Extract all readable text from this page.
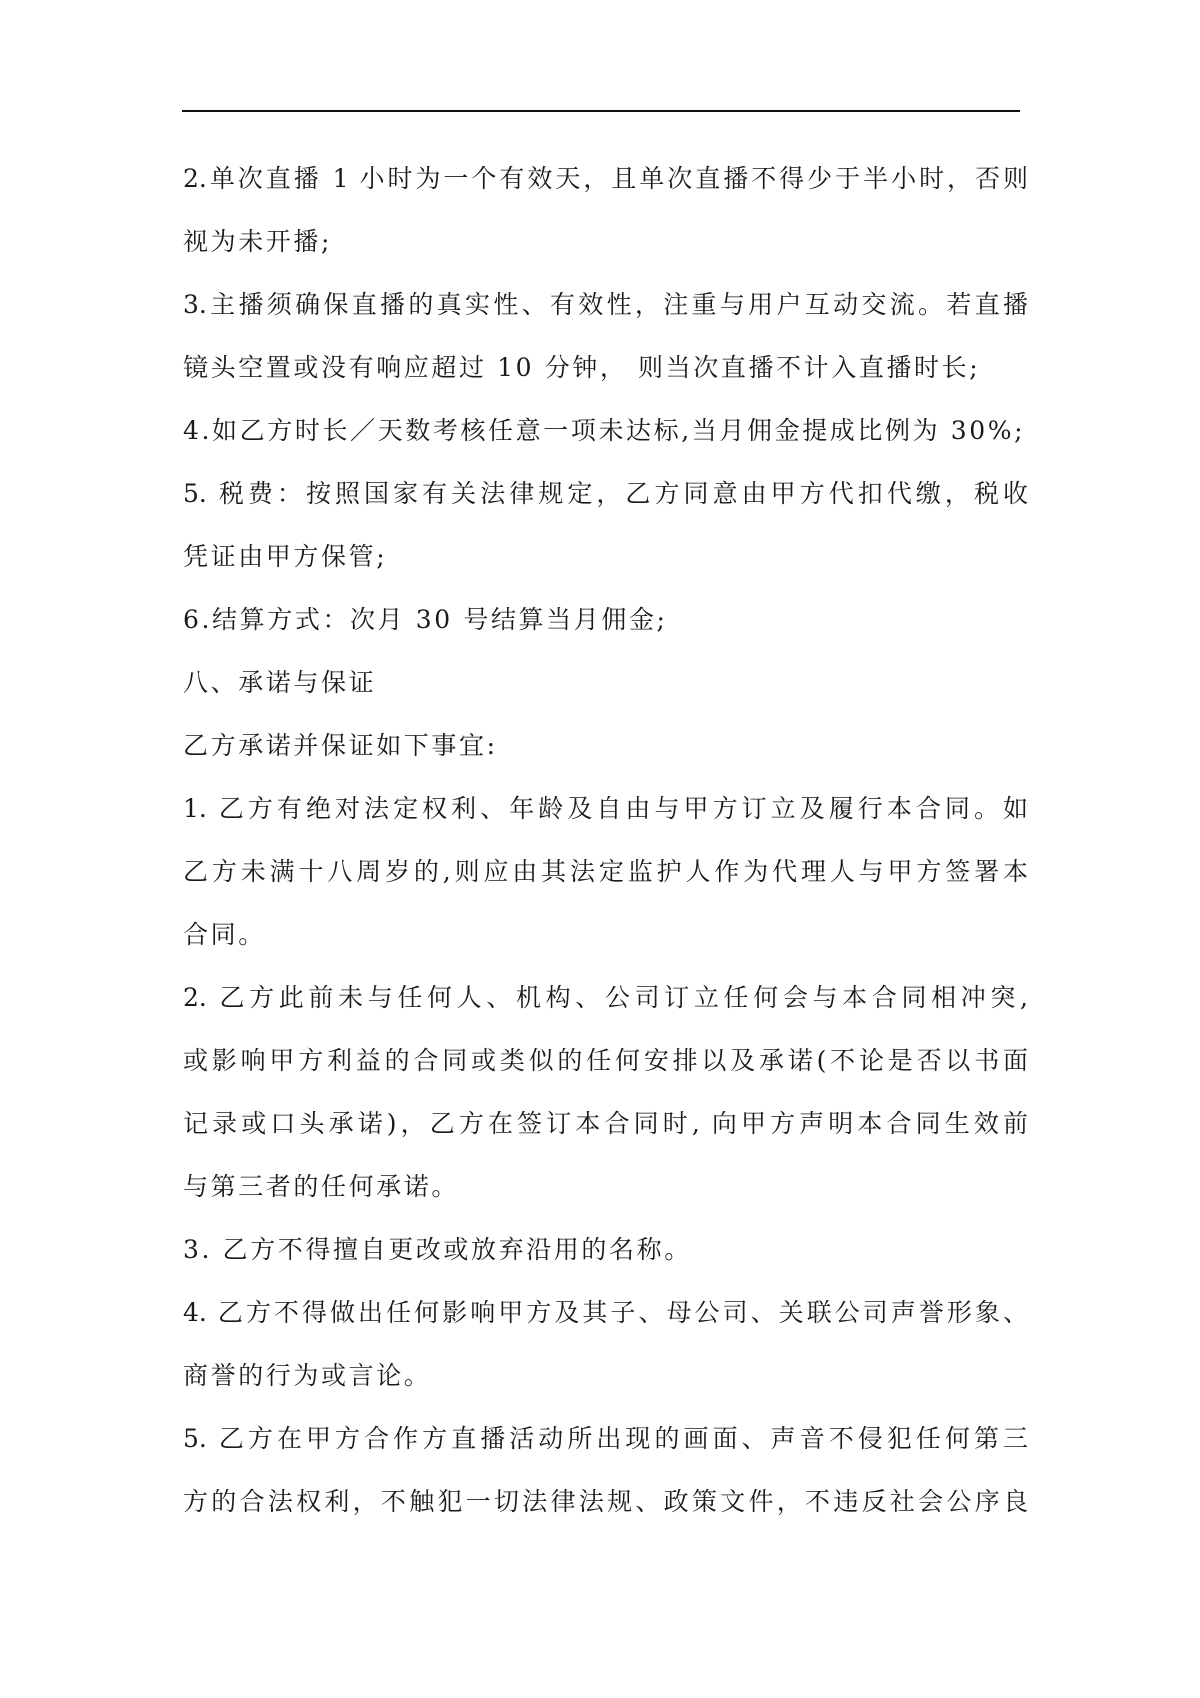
2.单次直播 1 小时为一个有效天，且单次直播不得少于半小时，否则
视为未开播;
3.主播须确保直播的真实性、有效性，注重与用户互动交流。若直播
镜头空置或没有响应超过 10 分钟， 则当次直播不计入直播时长;
4.如乙方时长／天数考核任意一项未达标,当月佣金提成比例为 30%;
5. 税费：按照国家有关法律规定，乙方同意由甲方代扣代缴，税收
凭证由甲方保管;
6.结算方式：次月 30 号结算当月佣金;
八、承诺与保证
乙方承诺并保证如下事宜:
1. 乙方有绝对法定权利、年龄及自由与甲方订立及履行本合同。如
乙方未满十八周岁的,则应由其法定监护人作为代理人与甲方签署本
合同。
2. 乙方此前未与任何人、机构、公司订立任何会与本合同相冲突,
或影响甲方利益的合同或类似的任何安排以及承诺(不论是否以书面
记录或口头承诺)，乙方在签订本合同时, 向甲方声明本合同生效前
与第三者的任何承诺。
3. 乙方不得擅自更改或放弃沿用的名称。
4. 乙方不得做出任何影响甲方及其子、母公司、关联公司声誉形象、
商誉的行为或言论。
5. 乙方在甲方合作方直播活动所出现的画面、声音不侵犯任何第三
方的合法权利，不触犯一切法律法规、政策文件，不违反社会公序良
